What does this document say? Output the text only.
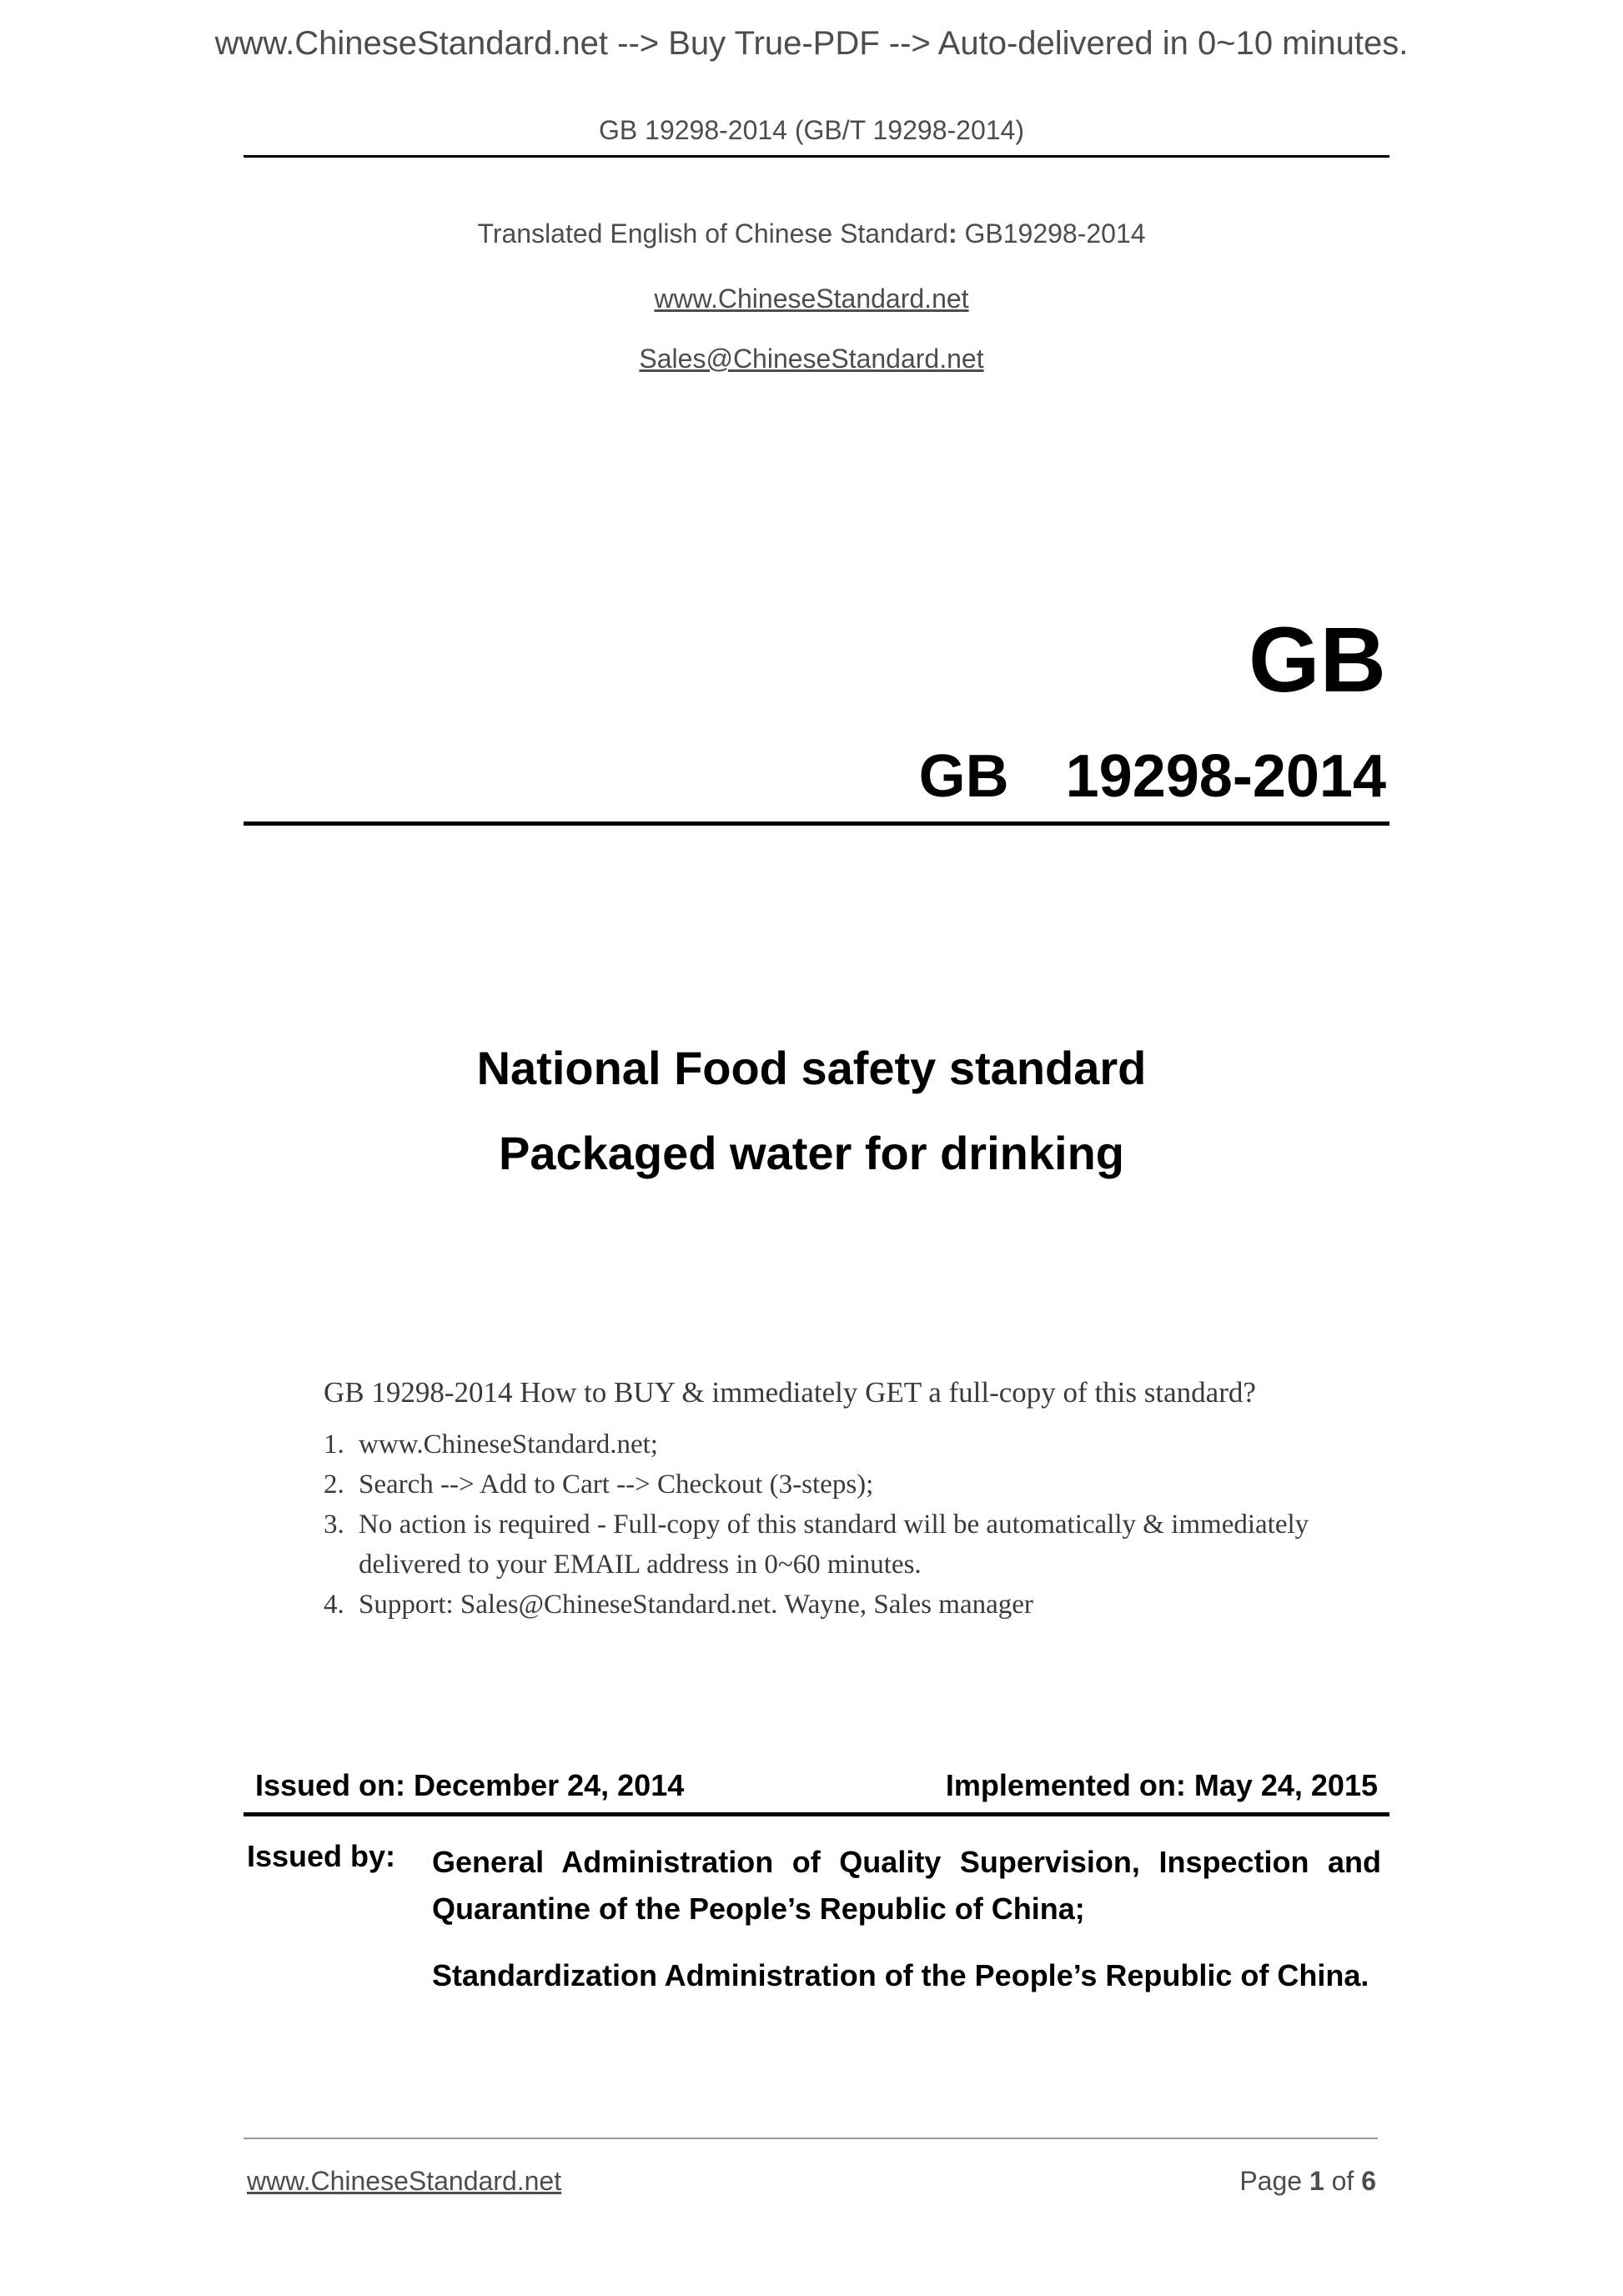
www.ChineseStandard.net --> Buy True-PDF --> Auto-delivered in 0~10 minutes.
GB 19298-2014 (GB/T 19298-2014)
Translated English of Chinese Standard: GB19298-2014
www.ChineseStandard.net
Sales@ChineseStandard.net
GB
GB  19298-2014
National Food safety standard
Packaged water for drinking
GB 19298-2014 How to BUY & immediately GET a full-copy of this standard?
1. www.ChineseStandard.net;
2. Search --> Add to Cart --> Checkout (3-steps);
3. No action is required - Full-copy of this standard will be automatically & immediately delivered to your EMAIL address in 0~60 minutes.
4. Support: Sales@ChineseStandard.net. Wayne, Sales manager
Issued on: December 24, 2014	Implemented on: May 24, 2015
Issued by:	General Administration of Quality Supervision, Inspection and Quarantine of the People’s Republic of China;

Standardization Administration of the People’s Republic of China.

www.ChineseStandard.net	Page 1 of 6
